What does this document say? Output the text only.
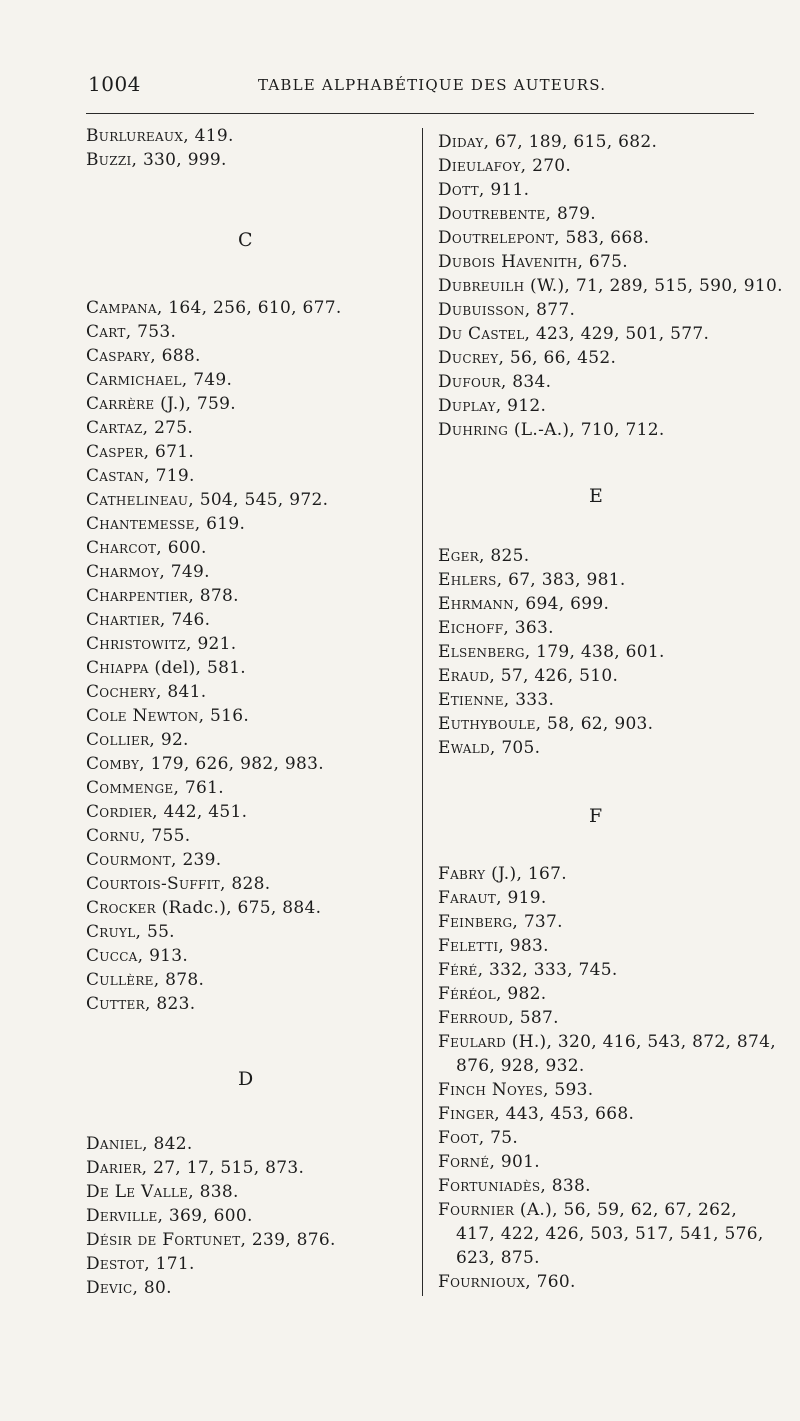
1004	TABLE ALPHABÉTIQUE DES AUTEURS.
Burlureaux, 419.
Buzzi, 330, 999.
C
Campana, 164, 256, 610, 677.
Cart, 753.
Caspary, 688.
Carmichael, 749.
Carrère (J.), 759.
Cartaz, 275.
Casper, 671.
Castan, 719.
Cathelineau, 504, 545, 972.
Chantemesse, 619.
Charcot, 600.
Charmoy, 749.
Charpentier, 878.
Chartier, 746.
Christowitz, 921.
Chiappa (del), 581.
Cochery, 841.
Cole Newton, 516.
Collier, 92.
Comby, 179, 626, 982, 983.
Commenge, 761.
Cordier, 442, 451.
Cornu, 755.
Courmont, 239.
Courtois-Suffit, 828.
Crocker (Radc.), 675, 884.
Cruyl, 55.
Cucca, 913.
Cullère, 878.
Cutter, 823.
D
Daniel, 842.
Darier, 27, 17, 515, 873.
De Le Valle, 838.
Derville, 369, 600.
Désir de Fortunet, 239, 876.
Destot, 171.
Devic, 80.
Diday, 67, 189, 615, 682.
Dieulafoy, 270.
Dott, 911.
Doutrebente, 879.
Doutrelepont, 583, 668.
Dubois Havenith, 675.
Dubreuilh (W.), 71, 289, 515, 590, 910.
Dubuisson, 877.
Du Castel, 423, 429, 501, 577.
Ducrey, 56, 66, 452.
Dufour, 834.
Duplay, 912.
Duhring (L.-A.), 710, 712.
E
Eger, 825.
Ehlers, 67, 383, 981.
Ehrmann, 694, 699.
Eichoff, 363.
Elsenberg, 179, 438, 601.
Eraud, 57, 426, 510.
Etienne, 333.
Euthyboule, 58, 62, 903.
Ewald, 705.
F
Fabry (J.), 167.
Faraut, 919.
Feinberg, 737.
Feletti, 983.
Féré, 332, 333, 745.
Féréol, 982.
Ferroud, 587.
Feulard (H.), 320, 416, 543, 872, 874,
876, 928, 932.
Finch Noyes, 593.
Finger, 443, 453, 668.
Foot, 75.
Forné, 901.
Fortuniadès, 838.
Fournier (A.), 56, 59, 62, 67, 262,
417, 422, 426, 503, 517, 541, 576,
623, 875.
Fournioux, 760.
